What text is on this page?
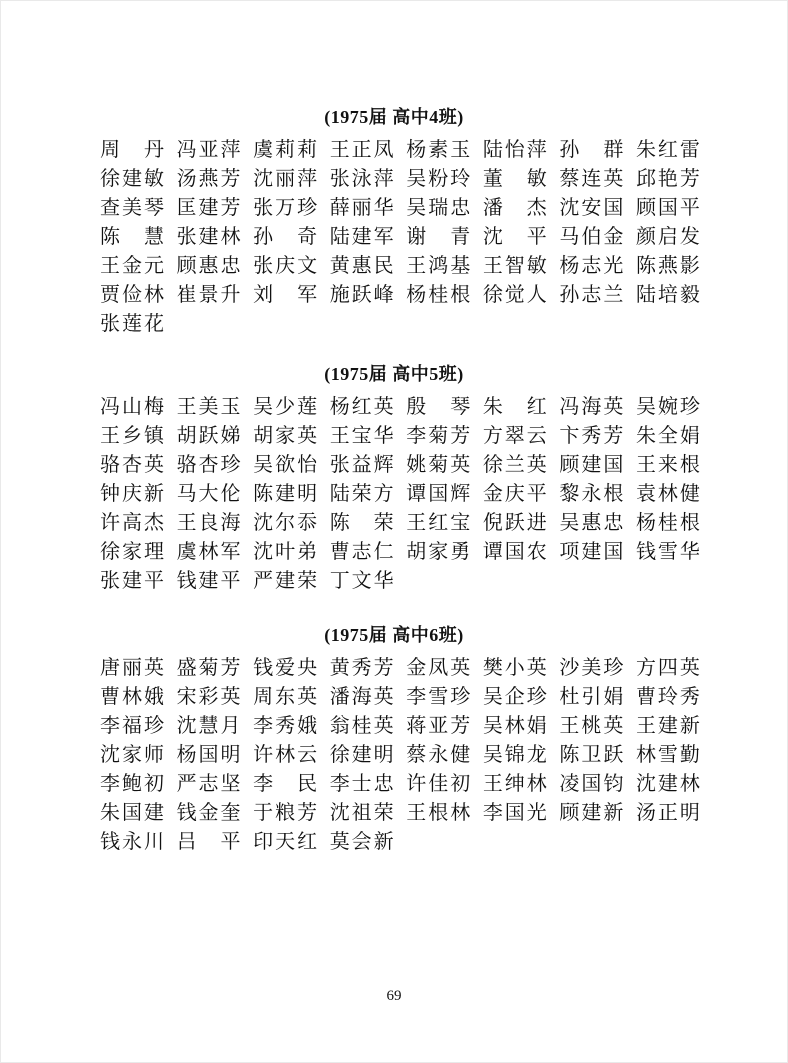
(1975届 高中4班)
周　丹 冯亚萍 虞莉莉 王正凤 杨素玉 陆怡萍 孙　群 朱红雷
徐建敏 汤燕芳 沈丽萍 张泳萍 吴粉玲 董　敏 蔡连英 邱艳芳
查美琴 匡建芳 张万珍 薛丽华 吴瑞忠 潘　杰 沈安国 顾国平
陈　慧 张建林 孙　奇 陆建军 谢　青 沈　平 马伯金 颜启发
王金元 顾惠忠 张庆文 黄惠民 王鸿基 王智敏 杨志光 陈燕影
贾俭林 崔景升 刘　军 施跃峰 杨桂根 徐觉人 孙志兰 陆培毅
张莲花
(1975届 高中5班)
冯山梅 王美玉 吴少莲 杨红英 殷　琴 朱　红 冯海英 吴婉珍
王乡镇 胡跃娣 胡家英 王宝华 李菊芳 方翠云 卞秀芳 朱全娟
骆杏英 骆杏珍 吴欲怡 张益辉 姚菊英 徐兰英 顾建国 王来根
钟庆新 马大伦 陈建明 陆荣方 谭国辉 金庆平 黎永根 袁林健
许高杰 王良海 沈尔忝 陈　荣 王红宝 倪跃进 吴惠忠 杨桂根
徐家理 虞林军 沈叶弟 曹志仁 胡家勇 谭国农 项建国 钱雪华
张建平 钱建平 严建荣 丁文华
(1975届 高中6班)
唐丽英 盛菊芳 钱爱央 黄秀芳 金凤英 樊小英 沙美珍 方四英
曹林娥 宋彩英 周东英 潘海英 李雪珍 吴企珍 杜引娟 曹玲秀
李福珍 沈慧月 李秀娥 翁桂英 蒋亚芳 吴林娟 王桃英 王建新
沈家师 杨国明 许林云 徐建明 蔡永健 吴锦龙 陈卫跃 林雪勤
李鲍初 严志坚 李　民 李士忠 许佳初 王绅林 凌国钧 沈建林
朱国建 钱金奎 于粮芳 沈祖荣 王根林 李国光 顾建新 汤正明
钱永川 吕　平 印天红 莫会新
69
